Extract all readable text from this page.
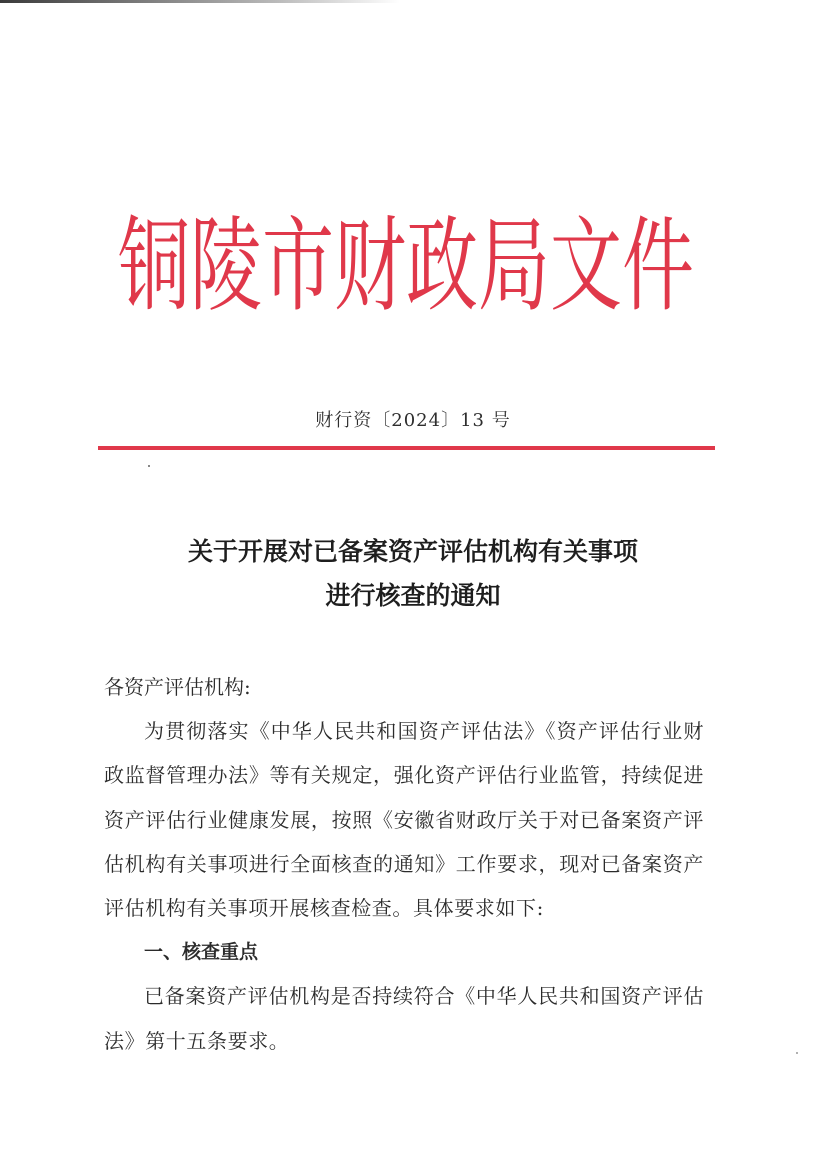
铜陵市财政局文件
财行资〔2024〕13 号
关于开展对已备案资产评估机构有关事项
进行核查的通知

各资产评估机构:

为贯彻落实《中华人民共和国资产评估法》《资产评估行业财政监督管理办法》等有关规定，强化资产评估行业监管，持续促进资产评估行业健康发展，按照《安徽省财政厅关于对已备案资产评估机构有关事项进行全面核查的通知》工作要求，现对已备案资产评估机构有关事项开展核查检查。具体要求如下:

一、核查重点

已备案资产评估机构是否持续符合《中华人民共和国资产评估法》第十五条要求。
